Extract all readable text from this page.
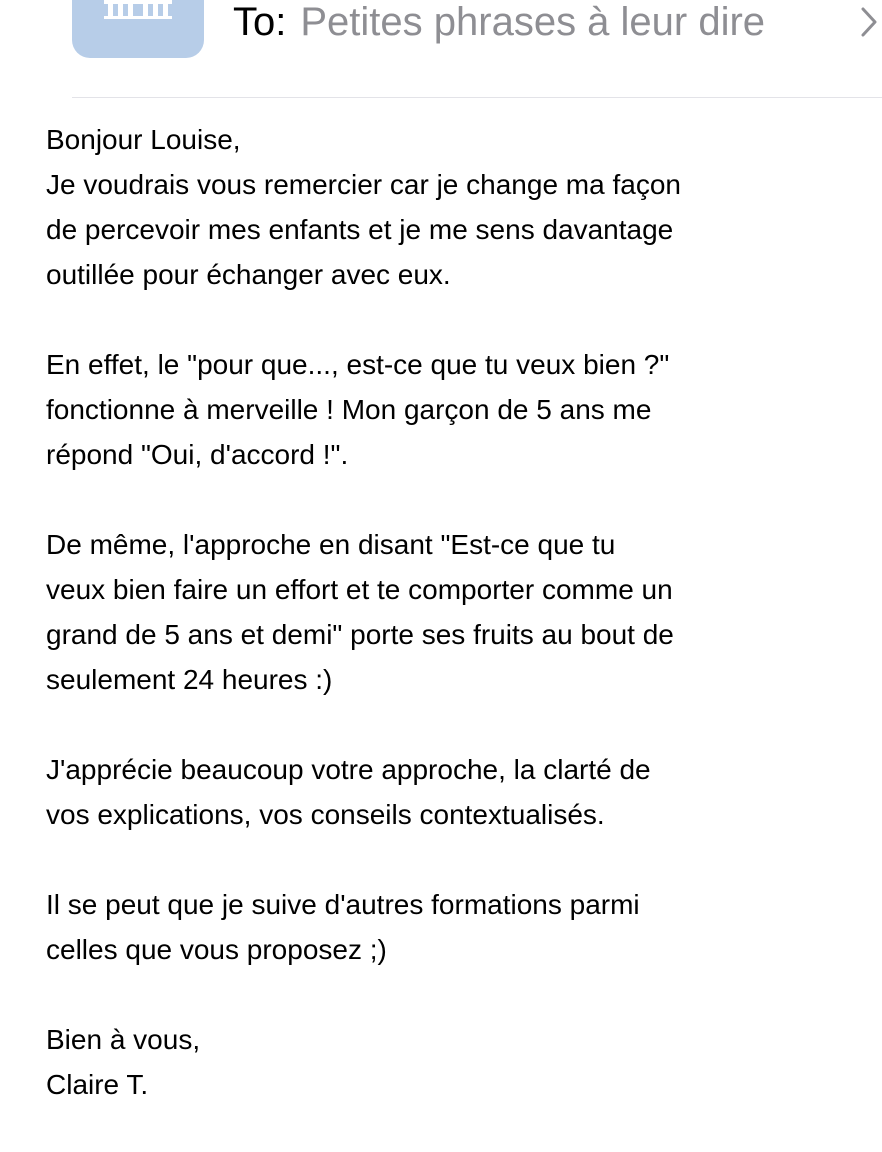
To: Petites phrases à leur dire
Bonjour Louise,
Je voudrais vous remercier car je change ma façon
de percevoir mes enfants et je me sens davantage
outillée pour échanger avec eux.
En effet, le "pour que..., est-ce que tu veux bien ?"
fonctionne à merveille ! Mon garçon de 5 ans me
répond "Oui, d'accord !".
De même, l'approche en disant "Est-ce que tu
veux bien faire un effort et te comporter comme un
grand de 5 ans et demi" porte ses fruits au bout de
seulement 24 heures :)
J'apprécie beaucoup votre approche, la clarté de
vos explications, vos conseils contextualisés.
Il se peut que je suive d'autres formations parmi
celles que vous proposez ;)
Bien à vous,
Claire T.
